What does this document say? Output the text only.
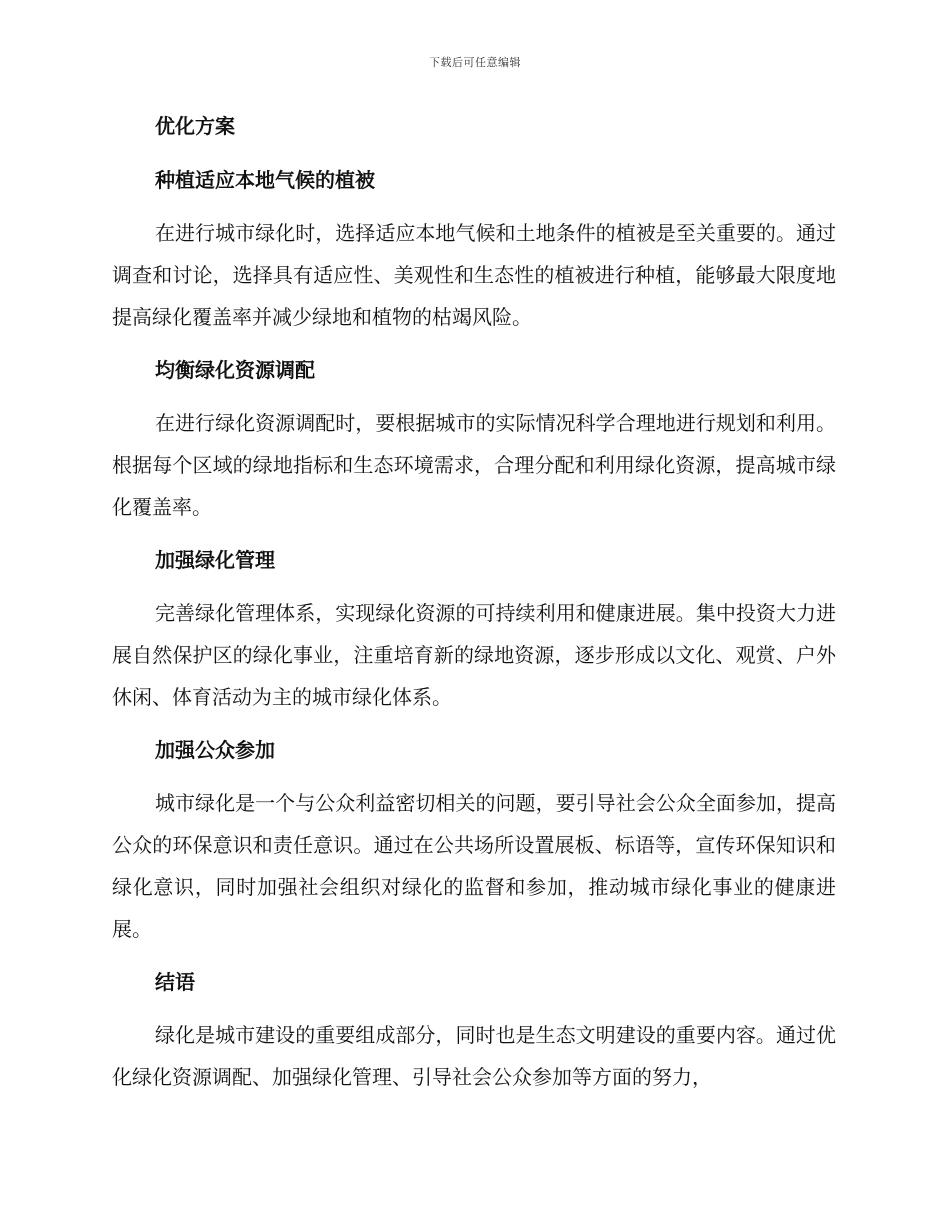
下载后可任意编辑
优化方案
种植适应本地气候的植被
在进行城市绿化时，选择适应本地气候和土地条件的植被是至关重要的。通过调查和讨论，选择具有适应性、美观性和生态性的植被进行种植，能够最大限度地提高绿化覆盖率并减少绿地和植物的枯竭风险。
均衡绿化资源调配
在进行绿化资源调配时，要根据城市的实际情况科学合理地进行规划和利用。根据每个区域的绿地指标和生态环境需求，合理分配和利用绿化资源，提高城市绿化覆盖率。
加强绿化管理
完善绿化管理体系，实现绿化资源的可持续利用和健康进展。集中投资大力进展自然保护区的绿化事业，注重培育新的绿地资源，逐步形成以文化、观赏、户外休闲、体育活动为主的城市绿化体系。
加强公众参加
城市绿化是一个与公众利益密切相关的问题，要引导社会公众全面参加，提高公众的环保意识和责任意识。通过在公共场所设置展板、标语等，宣传环保知识和绿化意识，同时加强社会组织对绿化的监督和参加，推动城市绿化事业的健康进展。
结语
绿化是城市建设的重要组成部分，同时也是生态文明建设的重要内容。通过优化绿化资源调配、加强绿化管理、引导社会公众参加等方面的努力，
